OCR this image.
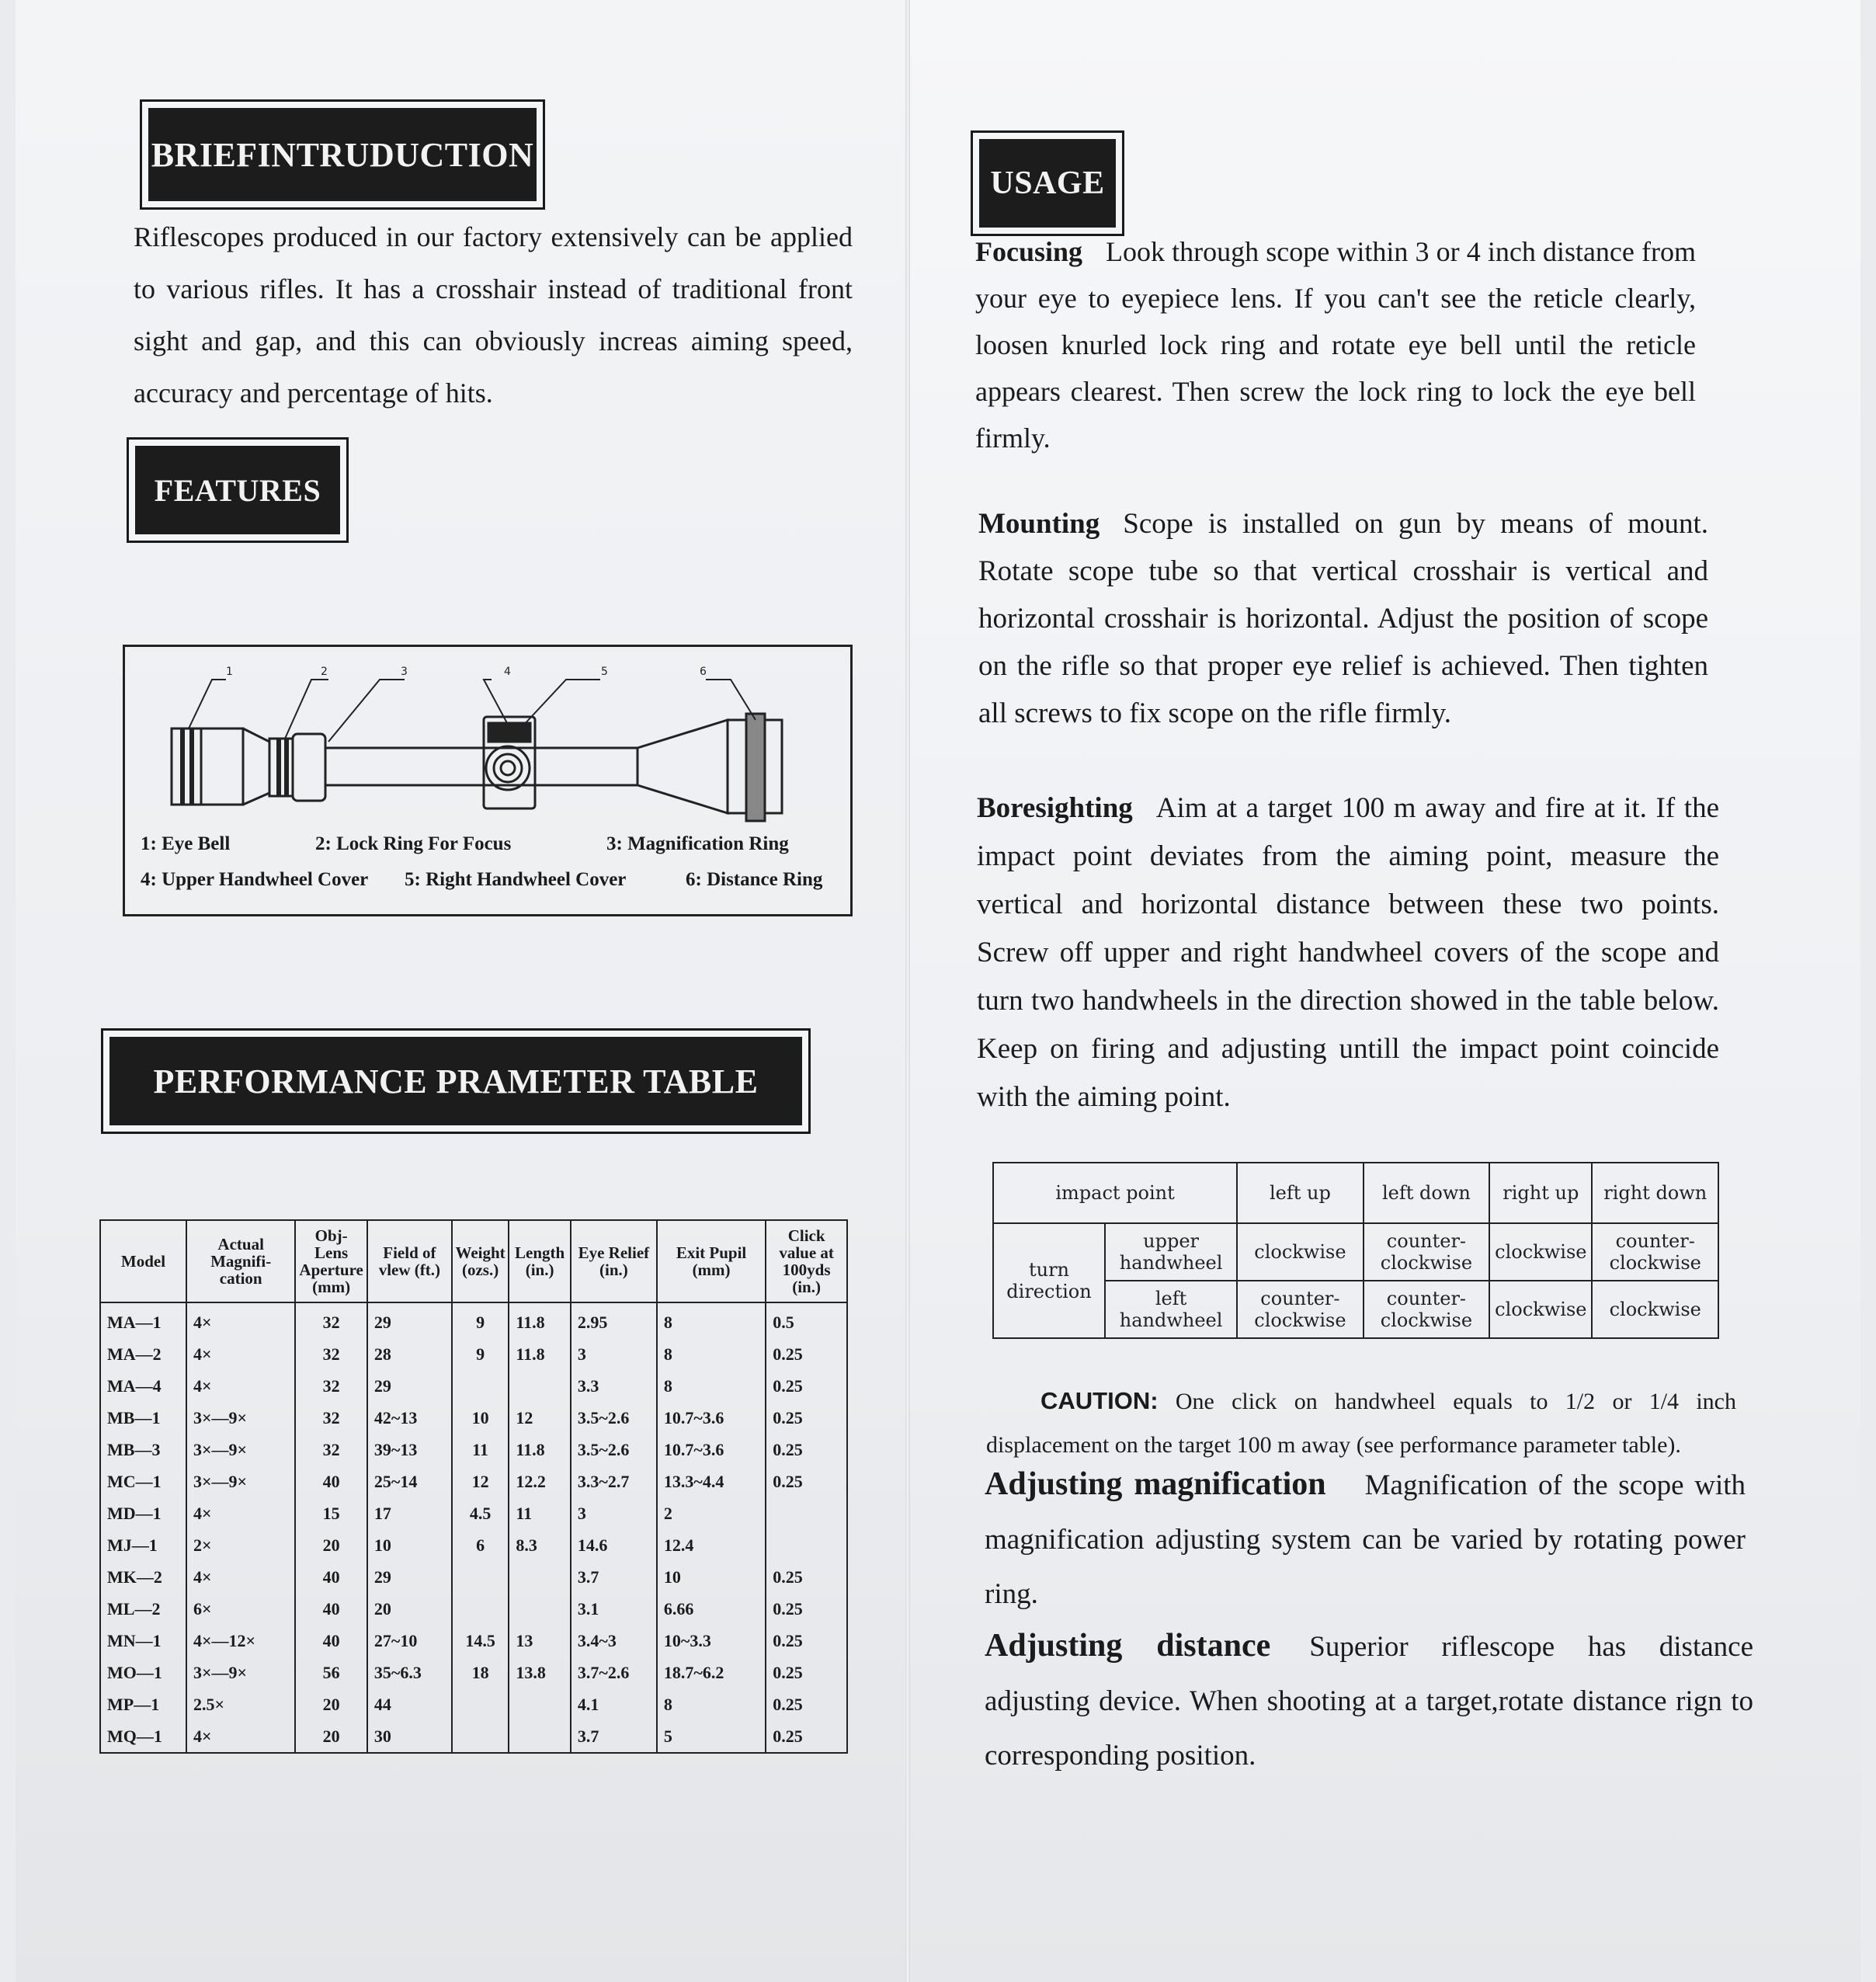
BRIEFINTRUDUCTION
Riflescopes produced in our factory extensively can be applied to various rifles. It has a crosshair instead of traditional front sight and gap, and this can obviously increas aiming speed, accuracy and percentage of hits.
FEATURES
1	2	3	4	5	6
1: Eye Bell	2: Lock Ring For Focus	3: Magnification Ring
4: Upper Handwheel Cover 5: Right Handwheel Cover	6: Distance Ring
PERFORMANCE PRAMETER TABLE
Model	Actual Magnifi- cation	Obj- Lens Aperture (mm)	Field of vlew (ft.)	Weight (ozs.)	Length (in.)	Eye Relief (in.)	Exit Pupil (mm)	Click value at 100yds (in.)
MA—1	4×	32	29	9	11.8	2.95	8	0.5
MA—2	4×	32	28	9	11.8	3	8	0.25
MA—4	4×	32	29			3.3	8	0.25
MB—1	3×—9×	32	42~13	10	12	3.5~2.6	10.7~3.6	0.25
MB—3	3×—9×	32	39~13	11	11.8	3.5~2.6	10.7~3.6	0.25
MC—1	3×—9×	40	25~14	12	12.2	3.3~2.7	13.3~4.4	0.25
MD—1	4×	15	17	4.5	11	3	2	
MJ—1	2×	20	10	6	8.3	14.6	12.4	
MK—2	4×	40	29			3.7	10	0.25
ML—2	6×	40	20			3.1	6.66	0.25
MN—1	4×—12×	40	27~10	14.5	13	3.4~3	10~3.3	0.25
MO—1	3×—9×	56	35~6.3	18	13.8	3.7~2.6	18.7~6.2	0.25
MP—1	2.5×	20	44			4.1	8	0.25
MQ—1	4×	20	30			3.7	5	0.25
USAGE
Focusing Look through scope within 3 or 4 inch distance from your eye to eyepiece lens. If you can't see the reticle clearly, loosen knurled lock ring and rotate eye bell until the reticle appears clearest. Then screw the lock ring to lock the eye bell firmly.
Mounting Scope is installed on gun by means of mount. Rotate scope tube so that vertical crosshair is vertical and horizontal crosshair is horizontal. Adjust the position of scope on the rifle so that proper eye relief is achieved. Then tighten all screws to fix scope on the rifle firmly.
Boresighting Aim at a target 100 m away and fire at it. If the impact point deviates from the aiming point, measure the vertical and horizontal distance between these two points. Screw off upper and right handwheel covers of the scope and turn two handwheels in the direction showed in the table below. Keep on firing and adjusting untill the impact point coincide with the aiming point.
impact point		left up	left down	right up	right down
turn direction	upper handwheel	clockwise	counter-clockwise	clockwise	counter-clockwise
	left handwheel	counter-clockwise	counter-clockwise	clockwise	clockwise
CAUTION: One click on handwheel equals to 1/2 or 1/4 inch displacement on the target 100 m away (see performance parameter table).
Adjusting magnification Magnification of the scope with magnification adjusting system can be varied by rotating power ring.
Adjusting distance Superior riflescope has distance adjusting device. When shooting at a target,rotate distance rign to corresponding position.
